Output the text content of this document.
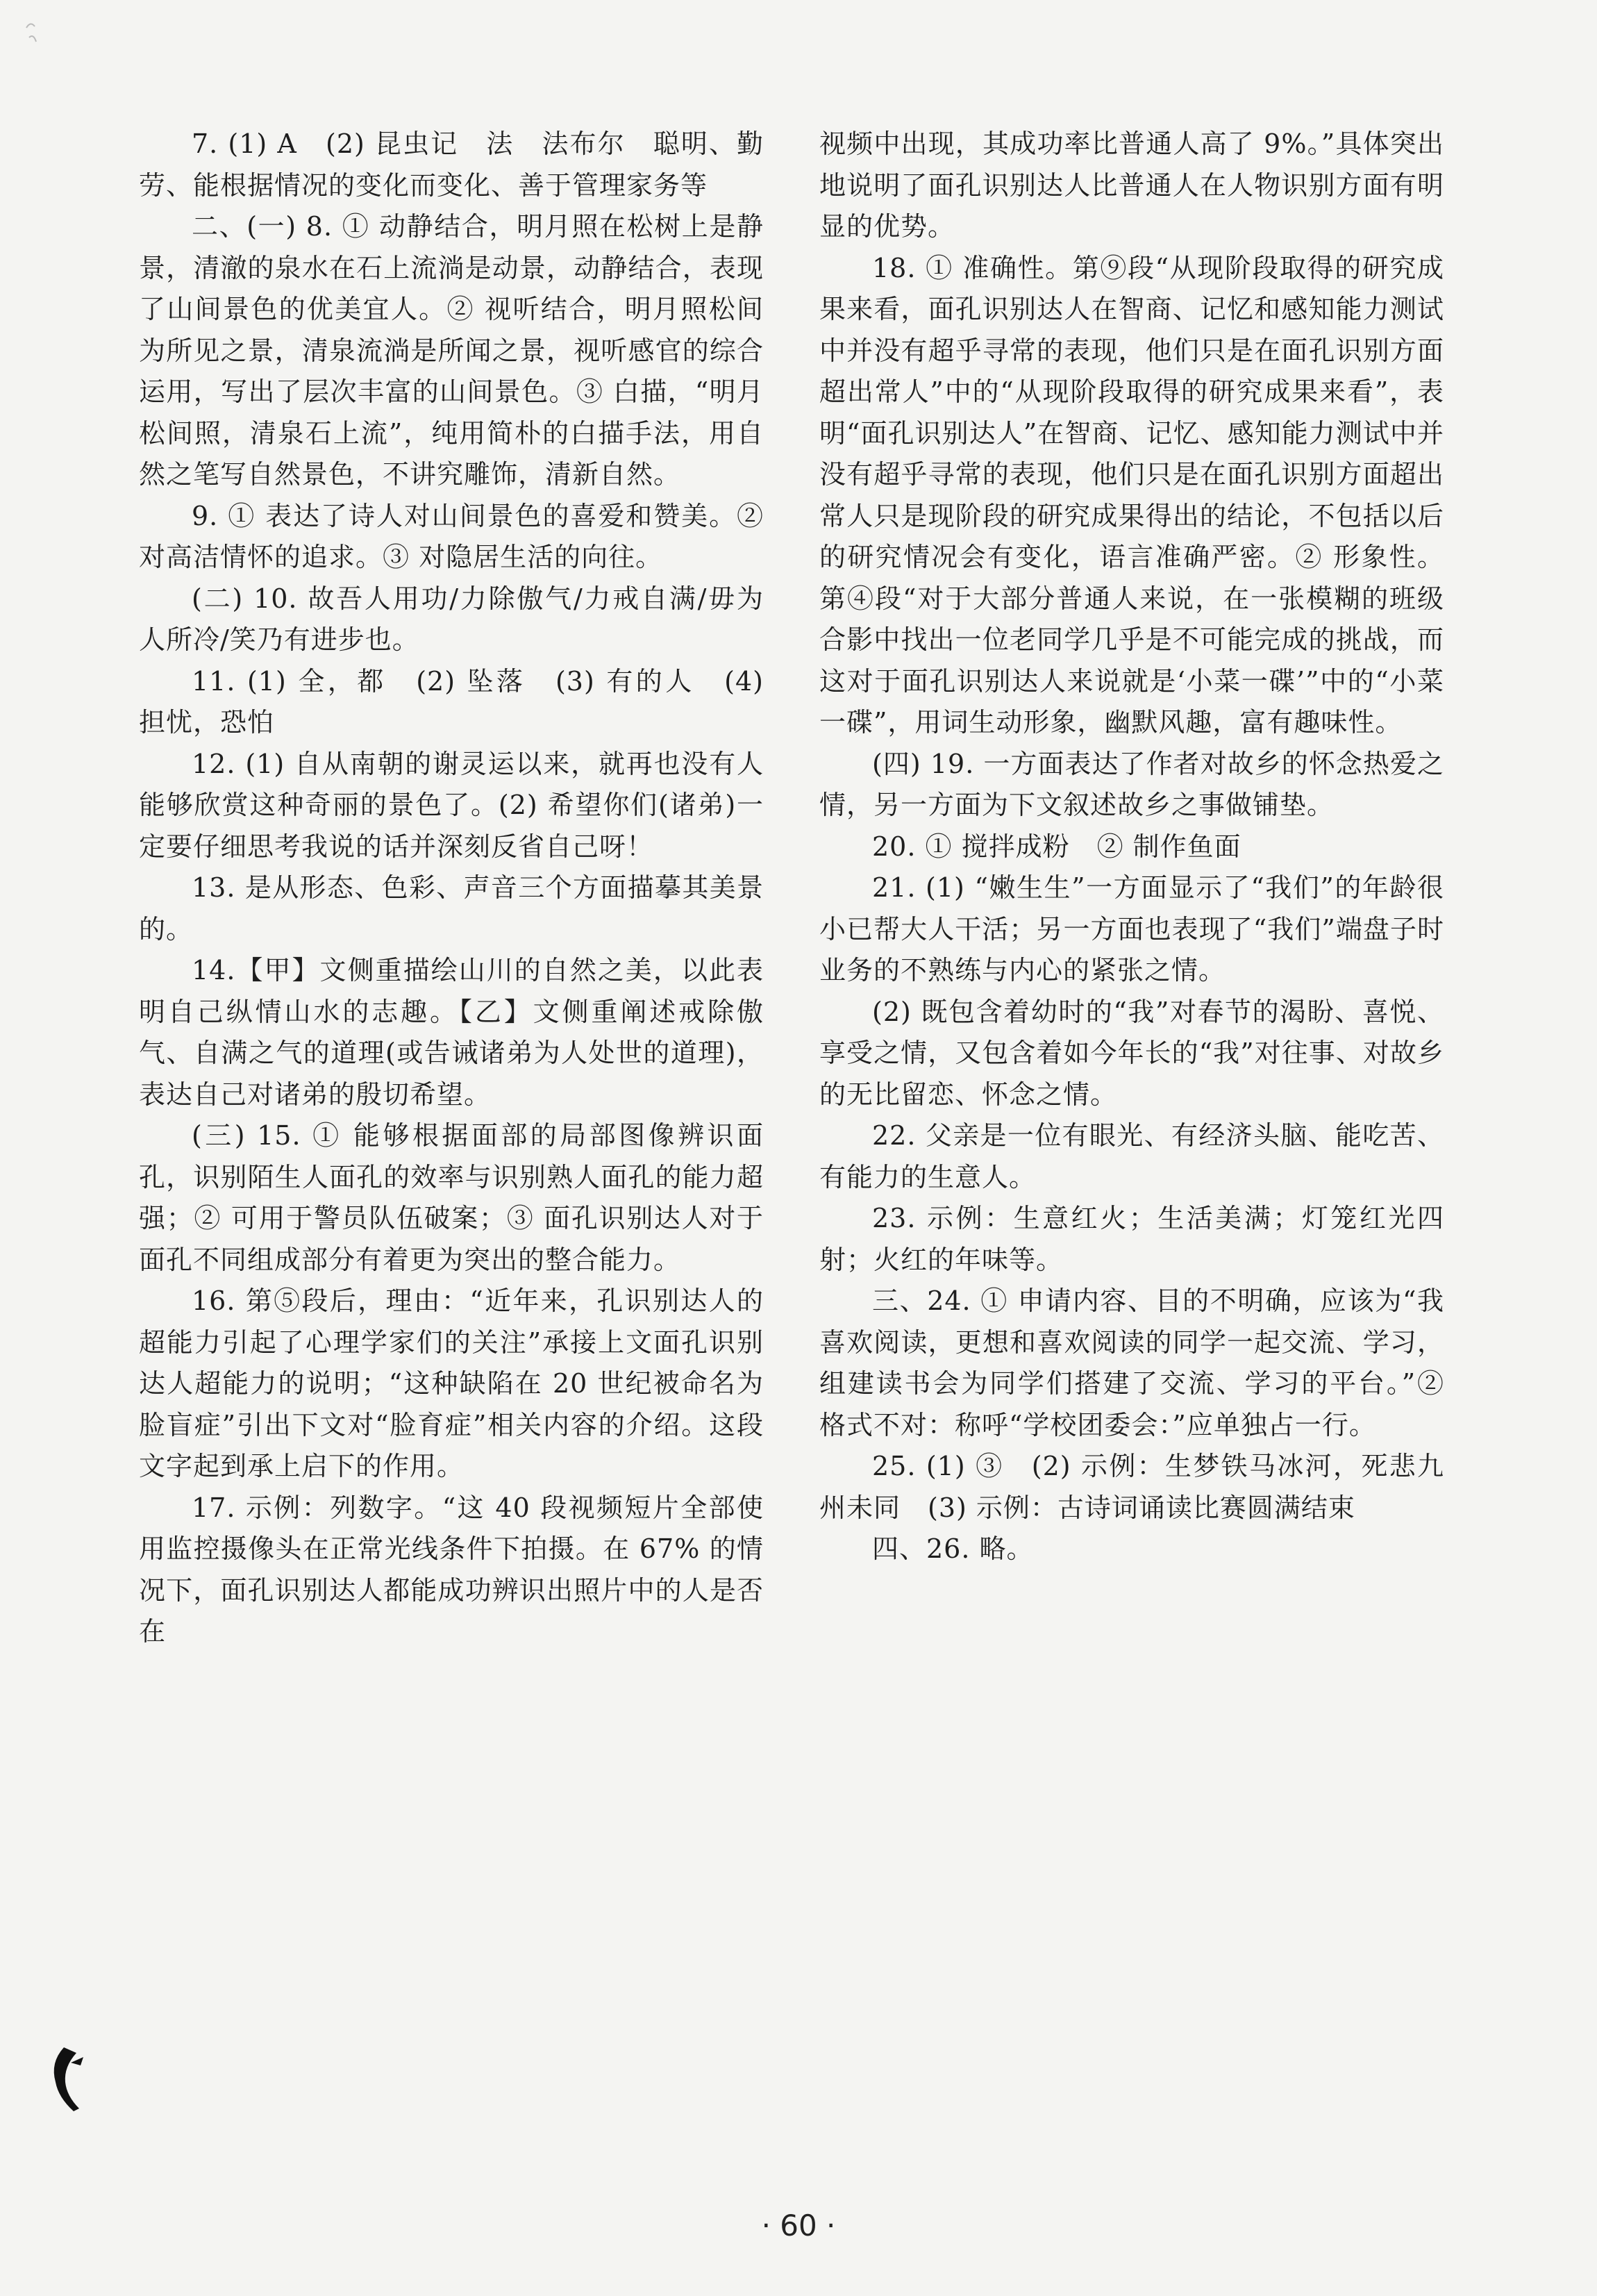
7. (1) A　(2) 昆虫记　法　法布尔　聪明、勤劳、能根据情况的变化而变化、善于管理家务等

二、(一) 8. ① 动静结合，明月照在松树上是静景，清澈的泉水在石上流淌是动景，动静结合，表现了山间景色的优美宜人。② 视听结合，明月照松间为所见之景，清泉流淌是所闻之景，视听感官的综合运用，写出了层次丰富的山间景色。③ 白描，“明月松间照，清泉石上流”，纯用简朴的白描手法，用自然之笔写自然景色，不讲究雕饰，清新自然。

9. ① 表达了诗人对山间景色的喜爱和赞美。② 对高洁情怀的追求。③ 对隐居生活的向往。

(二) 10. 故吾人用功/力除傲气/力戒自满/毋为人所冷/笑乃有进步也。

11. (1) 全，都　(2) 坠落　(3) 有的人　(4) 担忧，恐怕

12. (1) 自从南朝的谢灵运以来，就再也没有人能够欣赏这种奇丽的景色了。(2) 希望你们(诸弟)一定要仔细思考我说的话并深刻反省自己呀！

13. 是从形态、色彩、声音三个方面描摹其美景的。

14.【甲】文侧重描绘山川的自然之美，以此表明自己纵情山水的志趣。【乙】文侧重阐述戒除傲气、自满之气的道理(或告诫诸弟为人处世的道理)，表达自己对诸弟的殷切希望。

(三) 15. ① 能够根据面部的局部图像辨识面孔，识别陌生人面孔的效率与识别熟人面孔的能力超强；② 可用于警员队伍破案；③ 面孔识别达人对于面孔不同组成部分有着更为突出的整合能力。

16. 第⑤段后，理由：“近年来，孔识别达人的超能力引起了心理学家们的关注”承接上文面孔识别达人超能力的说明；“这种缺陷在 20 世纪被命名为脸盲症”引出下文对“脸育症”相关内容的介绍。这段文字起到承上启下的作用。

17. 示例：列数字。“这 40 段视频短片全部使用监控摄像头在正常光线条件下拍摄。在 67% 的情况下，面孔识别达人都能成功辨识出照片中的人是否在

视频中出现，其成功率比普通人高了 9%。”具体突出地说明了面孔识别达人比普通人在人物识别方面有明显的优势。

18. ① 准确性。第⑨段“从现阶段取得的研究成果来看，面孔识别达人在智商、记忆和感知能力测试中并没有超乎寻常的表现，他们只是在面孔识别方面超出常人”中的“从现阶段取得的研究成果来看”，表明“面孔识别达人”在智商、记忆、感知能力测试中并没有超乎寻常的表现，他们只是在面孔识别方面超出常人只是现阶段的研究成果得出的结论，不包括以后的研究情况会有变化，语言准确严密。② 形象性。第④段“对于大部分普通人来说，在一张模糊的班级合影中找出一位老同学几乎是不可能完成的挑战，而这对于面孔识别达人来说就是‘小菜一碟’”中的“小菜一碟”，用词生动形象，幽默风趣，富有趣味性。

(四) 19. 一方面表达了作者对故乡的怀念热爱之情，另一方面为下文叙述故乡之事做铺垫。

20. ① 搅拌成粉　② 制作鱼面

21. (1) “嫩生生”一方面显示了“我们”的年龄很小已帮大人干活；另一方面也表现了“我们”端盘子时业务的不熟练与内心的紧张之情。

(2) 既包含着幼时的“我”对春节的渴盼、喜悦、享受之情，又包含着如今年长的“我”对往事、对故乡的无比留恋、怀念之情。

22. 父亲是一位有眼光、有经济头脑、能吃苦、有能力的生意人。

23. 示例：生意红火；生活美满；灯笼红光四射；火红的年味等。

三、24. ① 申请内容、目的不明确，应该为“我喜欢阅读，更想和喜欢阅读的同学一起交流、学习，组建读书会为同学们搭建了交流、学习的平台。”② 格式不对：称呼“学校团委会：”应单独占一行。

25. (1) ③　(2) 示例：生梦铁马冰河，死悲九州未同　(3) 示例：古诗词诵读比赛圆满结束

四、26. 略。

· 60 ·
